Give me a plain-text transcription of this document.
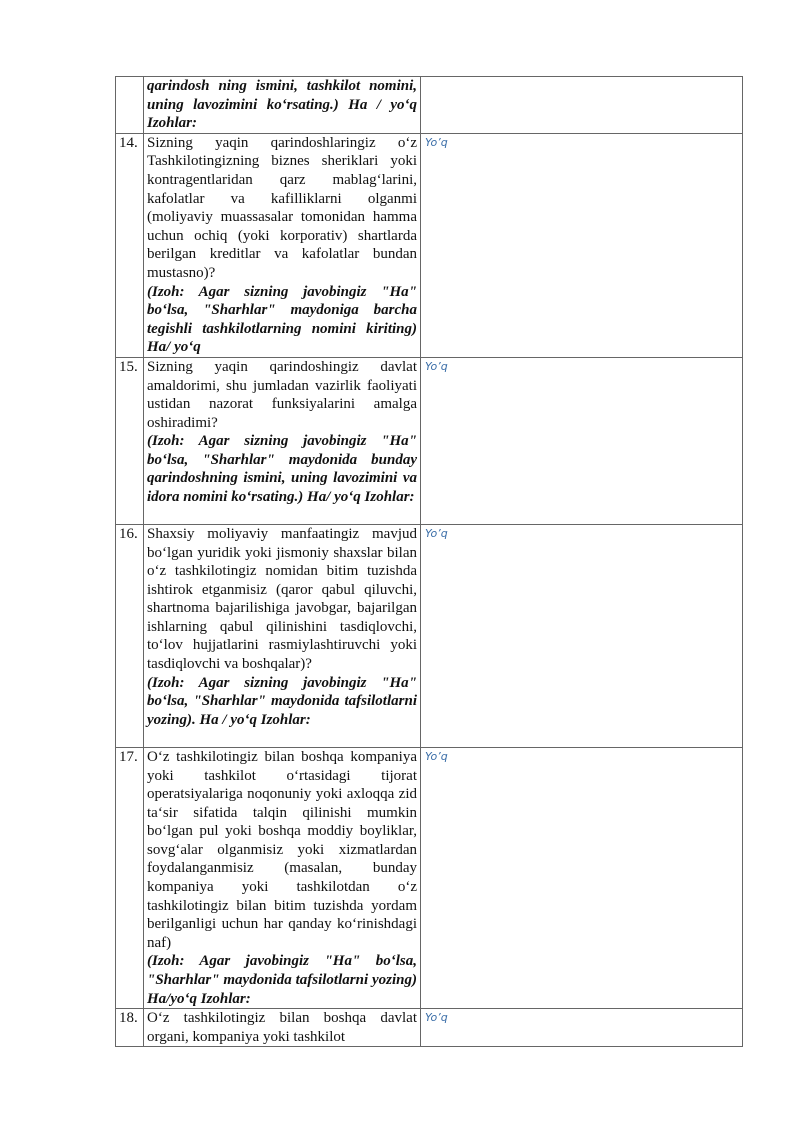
	qarindosh ning ismini, tashkilot nomini, uning lavozimini ko‘rsating.) Ha / yo‘q Izohlar:	

14.	Sizning yaqin qarindoshlaringiz o‘z Tashkilotingizning biznes sheriklari yoki kontragentlaridan qarz mablag‘larini, kafolatlar va kafilliklarni olganmi (moliyaviy muassasalar tomonidan hamma uchun ochiq (yoki korporativ) shartlarda berilgan kreditlar va kafolatlar bundan mustasno)?
(Izoh: Agar sizning javobingiz "Ha" bo‘lsa, "Sharhlar" maydoniga barcha tegishli tashkilotlarning nomini kiriting) Ha/ yo‘q	Yo’q

15.	Sizning yaqin qarindoshingiz davlat amaldorimi, shu jumladan vazirlik faoliyati ustidan nazorat funksiyalarini amalga oshiradimi?
(Izoh: Agar sizning javobingiz "Ha" bo‘lsa, "Sharhlar" maydonida bunday qarindoshning ismini, uning lavozimini va idora nomini ko‘rsating.) Ha/ yo‘q Izohlar:	Yo’q

16.	Shaxsiy moliyaviy manfaatingiz mavjud bo‘lgan yuridik yoki jismoniy shaxslar bilan o‘z tashkilotingiz nomidan bitim tuzishda ishtirok etganmisiz (qaror qabul qiluvchi, shartnoma bajarilishiga javobgar, bajarilgan ishlarning qabul qilinishini tasdiqlovchi, to‘lov hujjatlarini rasmiylashtiruvchi yoki tasdiqlovchi va boshqalar)?
(Izoh: Agar sizning javobingiz "Ha" bo‘lsa, "Sharhlar" maydonida tafsilotlarni yozing). Ha / yo‘q Izohlar:	Yo’q

17.	O‘z tashkilotingiz bilan boshqa kompaniya yoki tashkilot o‘rtasidagi tijorat operatsiyalariga noqonuniy yoki axloqqa zid ta‘sir sifatida talqin qilinishi mumkin bo‘lgan pul yoki boshqa moddiy boyliklar, sovg‘alar olganmisiz yoki xizmatlardan foydalanganmisiz (masalan, bunday kompaniya yoki tashkilotdan o‘z tashkilotingiz bilan bitim tuzishda yordam berilganligi uchun har qanday ko‘rinishdagi naf)
(Izoh: Agar javobingiz "Ha" bo‘lsa, "Sharhlar" maydonida tafsilotlarni yozing) Ha/yo‘q Izohlar:	Yo’q

18.	O‘z tashkilotingiz bilan boshqa davlat organi, kompaniya yoki tashkilot	Yo’q
